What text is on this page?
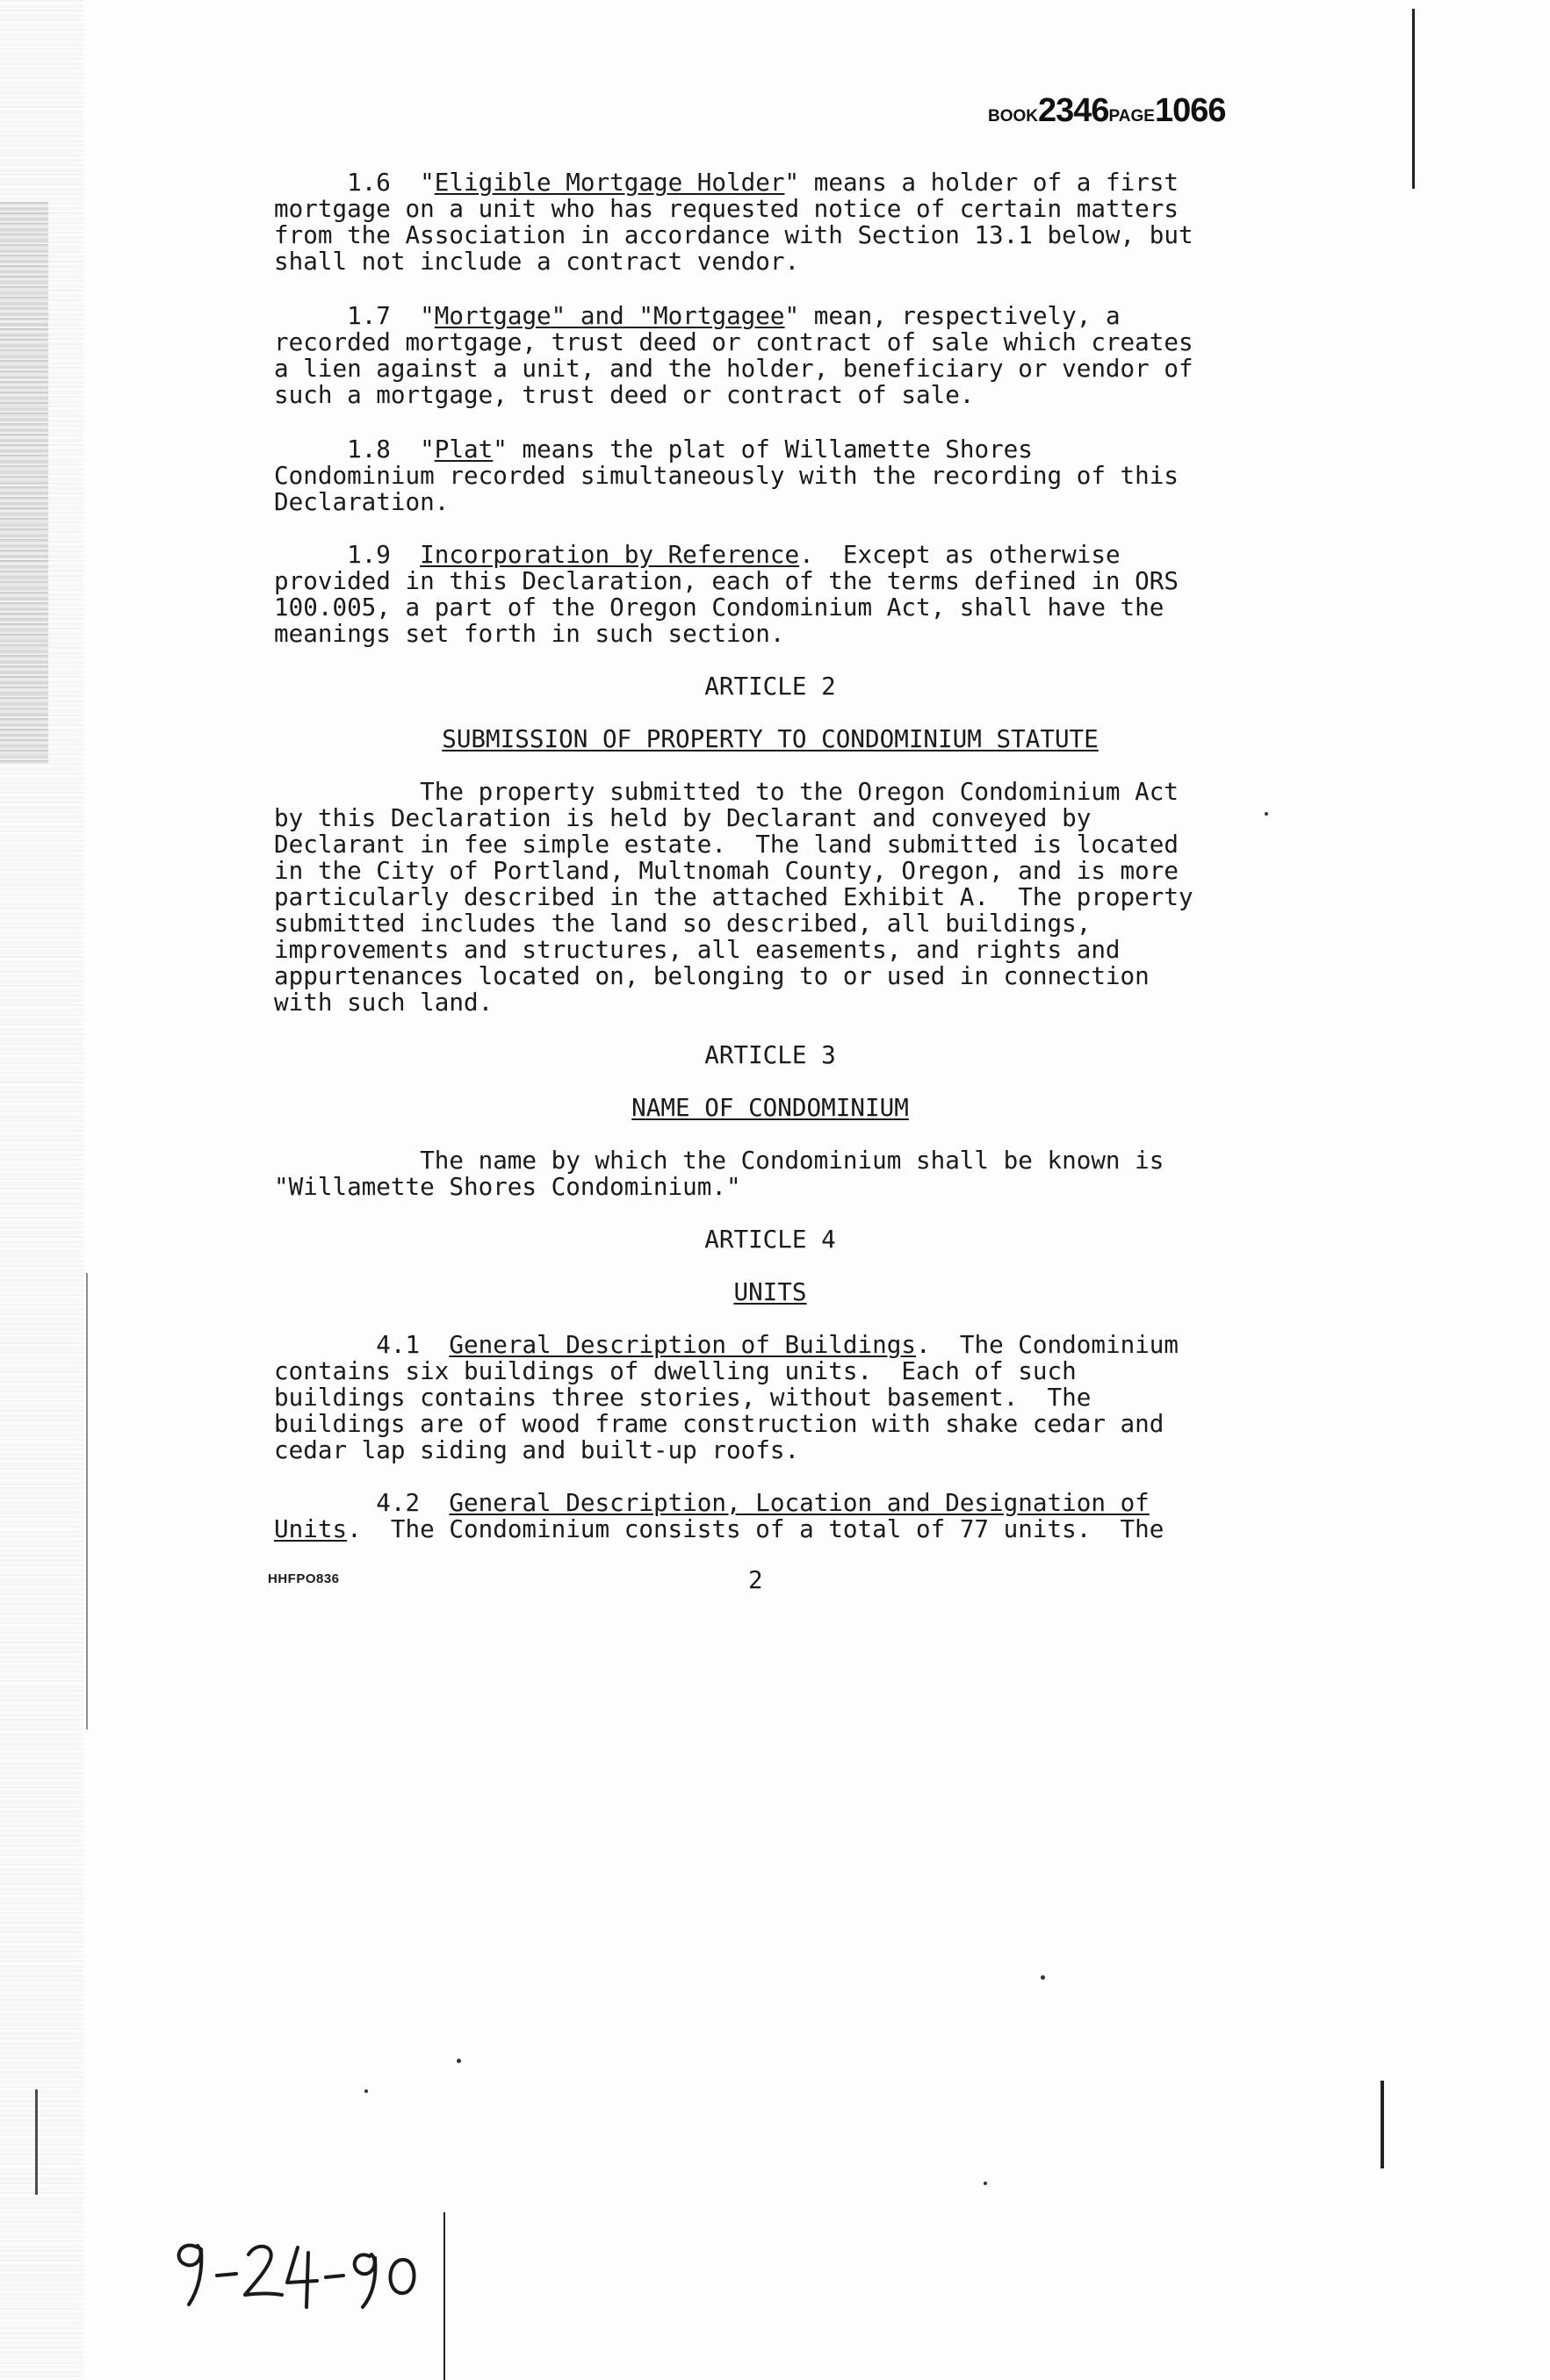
BOOK2346PAGE1066
1.6  "Eligible Mortgage Holder" means a holder of a first
mortgage on a unit who has requested notice of certain matters
from the Association in accordance with Section 13.1 below, but
shall not include a contract vendor.
1.7  "Mortgage" and "Mortgagee" mean, respectively, a
recorded mortgage, trust deed or contract of sale which creates
a lien against a unit, and the holder, beneficiary or vendor of
such a mortgage, trust deed or contract of sale.
1.8  "Plat" means the plat of Willamette Shores
Condominium recorded simultaneously with the recording of this
Declaration.
1.9 Incorporation by Reference.  Except as otherwise
provided in this Declaration, each of the terms defined in ORS
100.005, a part of the Oregon Condominium Act, shall have the
meanings set forth in such section.
ARTICLE 2
SUBMISSION OF PROPERTY TO CONDOMINIUM STATUTE
The property submitted to the Oregon Condominium Act
by this Declaration is held by Declarant and conveyed by
Declarant in fee simple estate.  The land submitted is located
in the City of Portland, Multnomah County, Oregon, and is more
particularly described in the attached Exhibit A.  The property
submitted includes the land so described, all buildings,
improvements and structures, all easements, and rights and
appurtenances located on, belonging to or used in connection
with such land.
ARTICLE 3
NAME OF CONDOMINIUM
The name by which the Condominium shall be known is
"Willamette Shores Condominium."
ARTICLE 4
UNITS
4.1 General Description of Buildings.  The Condominium
contains six buildings of dwelling units.  Each of such
buildings contains three stories, without basement.  The
buildings are of wood frame construction with shake cedar and
cedar lap siding and built-up roofs.
4.2 General Description, Location and Designation of
Units.  The Condominium consists of a total of 77 units.  The
HHFPO836	2
